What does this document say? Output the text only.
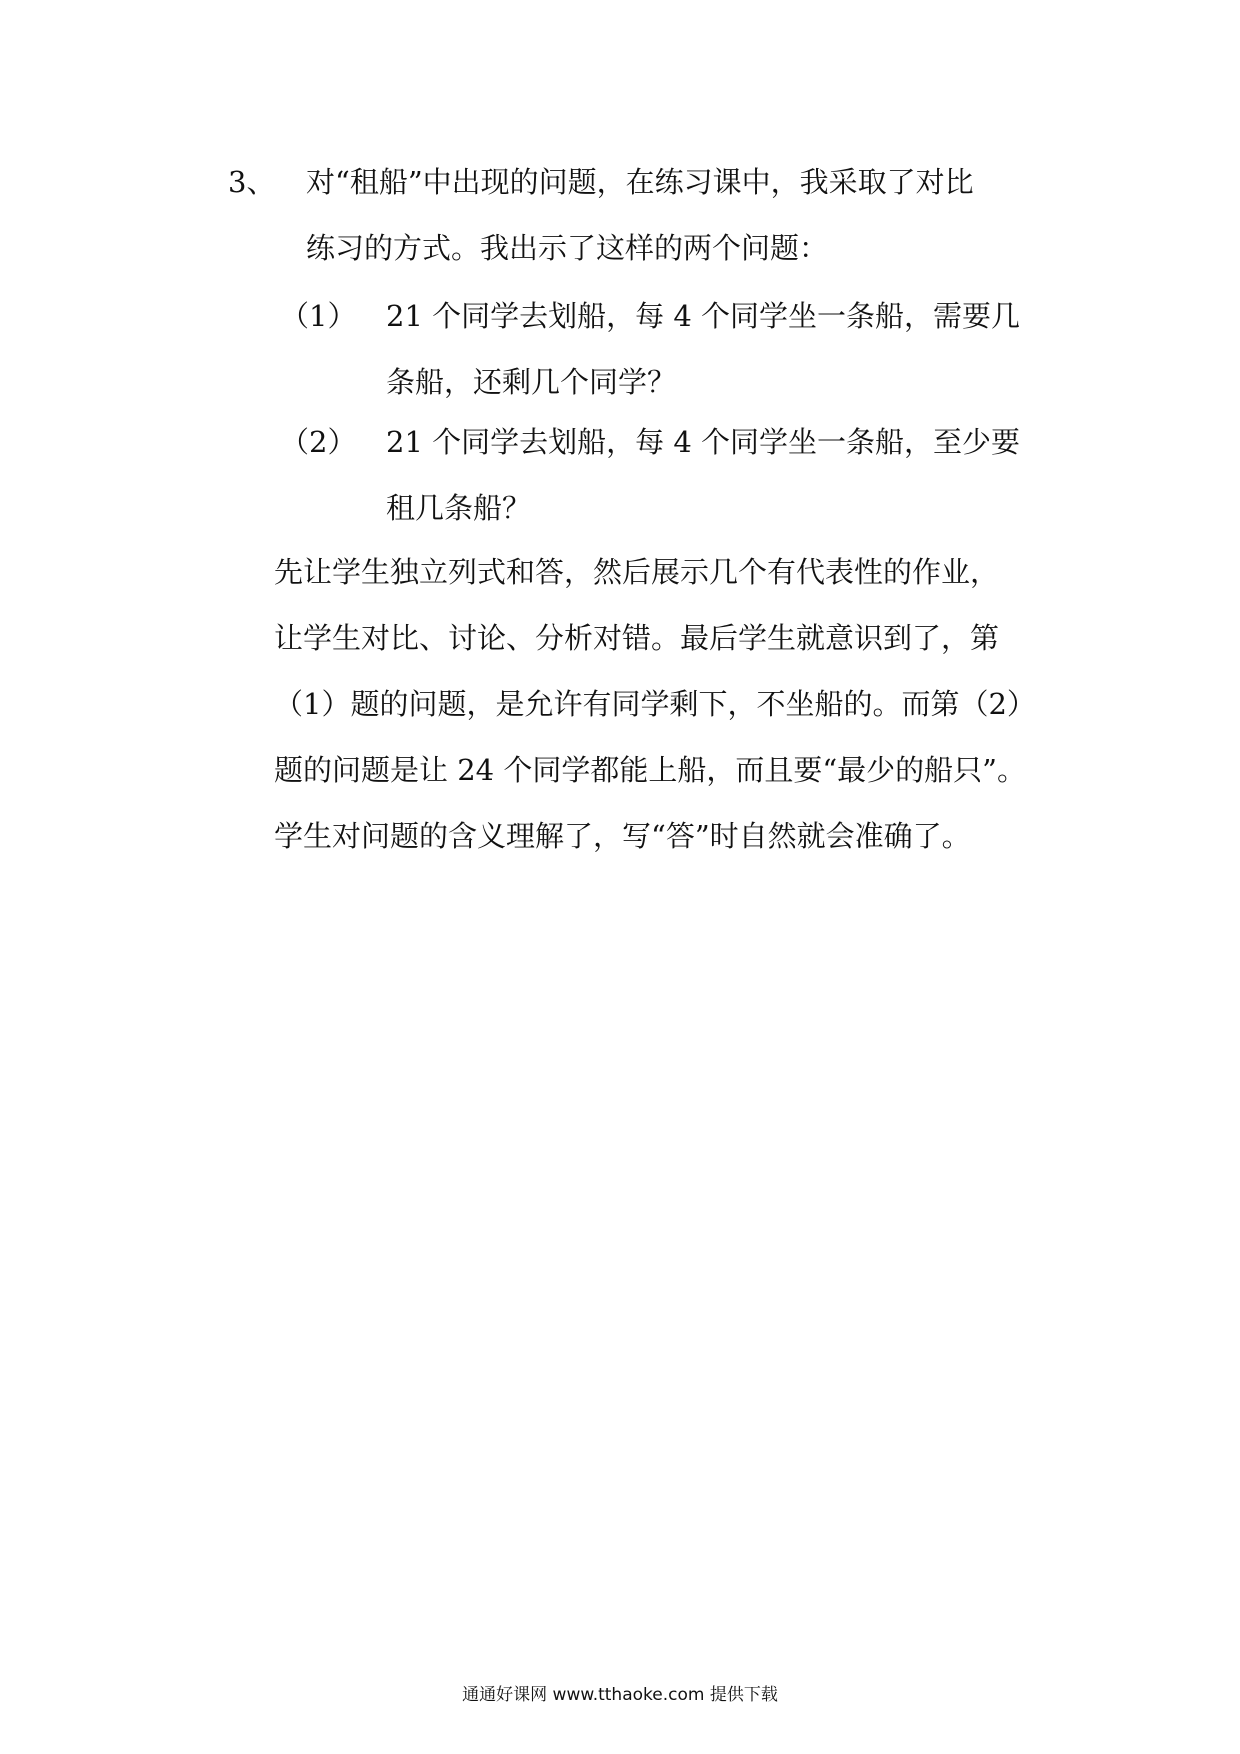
3、 对“租船”中出现的问题，在练习课中，我采取了对比
练习的方式。我出示了这样的两个问题：
（1） 21 个同学去划船，每 4 个同学坐一条船，需要几
条船，还剩几个同学？
（2） 21 个同学去划船，每 4 个同学坐一条船，至少要
租几条船？
先让学生独立列式和答，然后展示几个有代表性的作业，
让学生对比、讨论、分析对错。最后学生就意识到了，第
（1）题的问题，是允许有同学剩下，不坐船的。而第（2）
题的问题是让 24 个同学都能上船，而且要“最少的船只”。
学生对问题的含义理解了，写“答”时自然就会准确了。
通通好课网 www.tthaoke.com 提供下载
